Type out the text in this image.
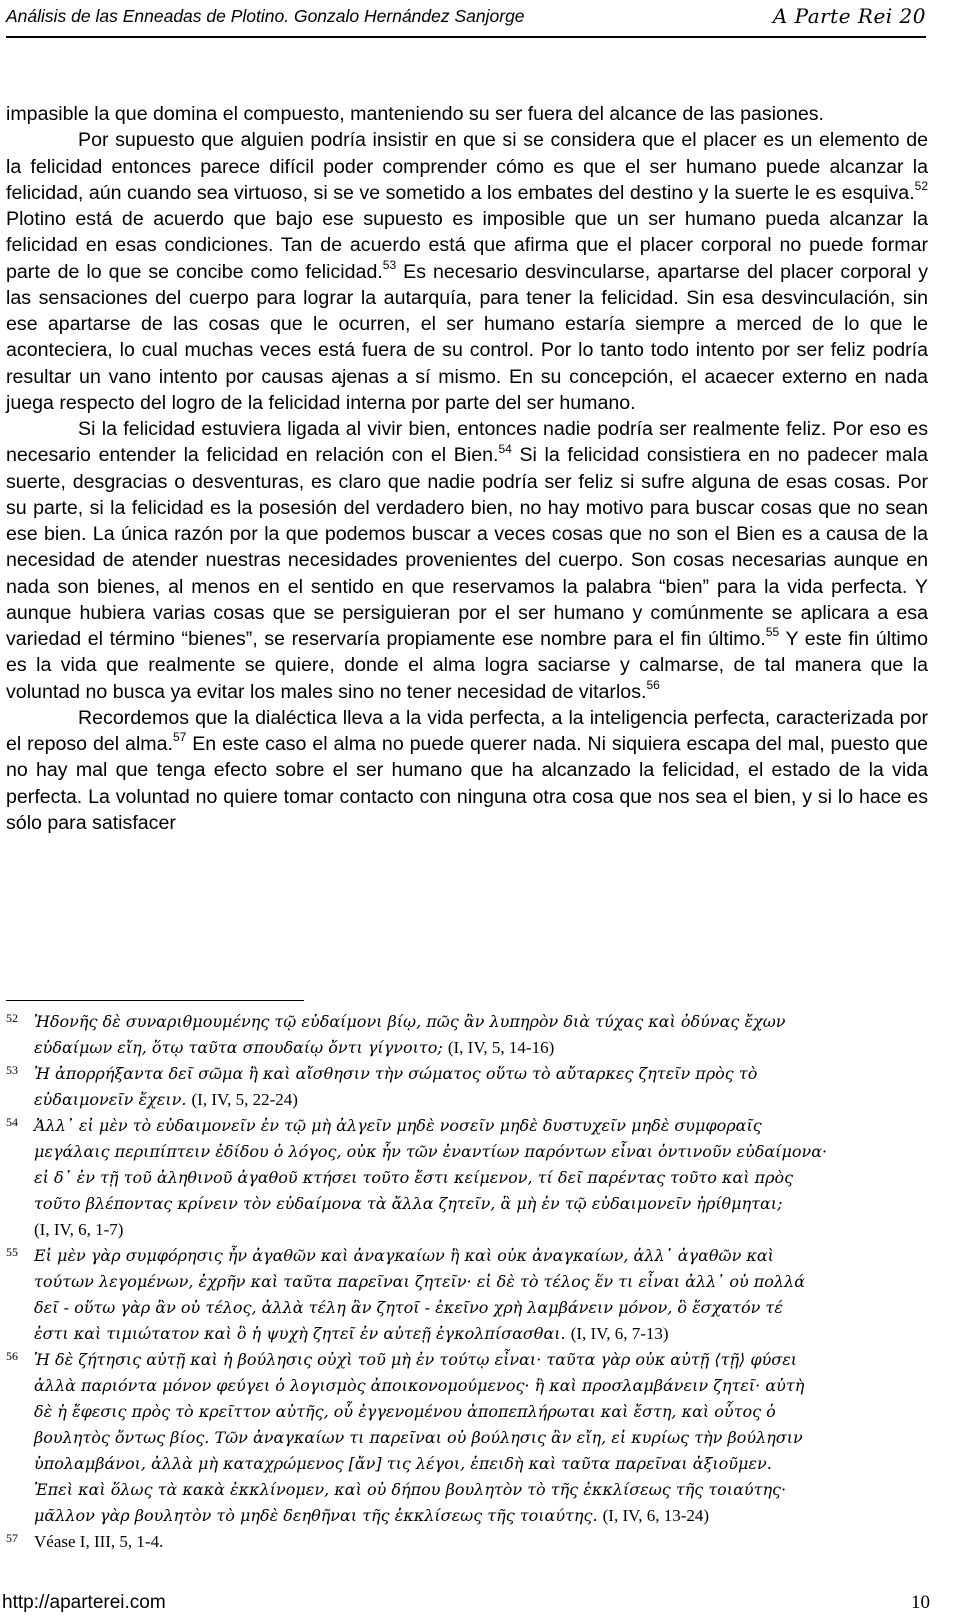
Análisis de las Enneadas de Plotino. Gonzalo Hernández Sanjorge	A Parte Rei 20

impasible la que domina el compuesto, manteniendo su ser fuera del alcance de las pasiones.

Por supuesto que alguien podría insistir en que si se considera que el placer es un elemento de la felicidad entonces parece difícil poder comprender cómo es que el ser humano puede alcanzar la felicidad, aún cuando sea virtuoso, si se ve sometido a los embates del destino y la suerte le es esquiva.$^{52}$ Plotino está de acuerdo que bajo ese supuesto es imposible que un ser humano pueda alcanzar la felicidad en esas condiciones. Tan de acuerdo está que afirma que el placer corporal no puede formar parte de lo que se concibe como felicidad.$^{53}$ Es necesario desvincularse, apartarse del placer corporal y las sensaciones del cuerpo para lograr la autarquía, para tener la felicidad. Sin esa desvinculación, sin ese apartarse de las cosas que le ocurren, el ser humano estaría siempre a merced de lo que le aconteciera, lo cual muchas veces está fuera de su control. Por lo tanto todo intento por ser feliz podría resultar un vano intento por causas ajenas a sí mismo. En su concepción, el acaecer externo en nada juega respecto del logro de la felicidad interna por parte del ser humano.

Si la felicidad estuviera ligada al vivir bien, entonces nadie podría ser realmente feliz. Por eso es necesario entender la felicidad en relación con el Bien.$^{54}$ Si la felicidad consistiera en no padecer mala suerte, desgracias o desventuras, es claro que nadie podría ser feliz si sufre alguna de esas cosas. Por su parte, si la felicidad es la posesión del verdadero bien, no hay motivo para buscar cosas que no sean ese bien. La única razón por la que podemos buscar a veces cosas que no son el Bien es a causa de la necesidad de atender nuestras necesidades provenientes del cuerpo. Son cosas necesarias aunque en nada son bienes, al menos en el sentido en que reservamos la palabra “bien” para la vida perfecta. Y aunque hubiera varias cosas que se persiguieran por el ser humano y comúnmente se aplicara a esa variedad el término “bienes”, se reservaría propiamente ese nombre para el fin último.$^{55}$ Y este fin último es la vida que realmente se quiere, donde el alma logra saciarse y calmarse, de tal manera que la voluntad no busca ya evitar los males sino no tener necesidad de vitarlos.$^{56}$

Recordemos que la dialéctica lleva a la vida perfecta, a la inteligencia perfecta, caracterizada por el reposo del alma.$^{57}$ En este caso el alma no puede querer nada. Ni siquiera escapa del mal, puesto que no hay mal que tenga efecto sobre el ser humano que ha alcanzado la felicidad, el estado de la vida perfecta. La voluntad no quiere tomar contacto con ninguna otra cosa que nos sea el bien, y si lo hace es sólo para satisfacer

52 Ἡδονῆς δὲ συναριθμουμένης τῷ εὐδαίμονι βίῳ, πῶς ἂν λυπηρὸν διὰ τύχας καὶ ὀδύνας ἔχων
εὐδαίμων εἴη, ὅτῳ ταῦτα σπουδαίῳ ὄντι γίγνοιτο; (I, IV, 5, 14-16)
53 Ἠ ἀπορρήξαντα δεῖ σῶμα ἢ καὶ αἴσθησιν τὴν σώματος οὕτω τὸ αὔταρκες ζητεῖν πρὸς τὸ
εὐδαιμονεῖν ἔχειν. (I, IV, 5, 22-24)
54 Ἀλλ᾽ εἰ μὲν τὸ εὐδαιμονεῖν ἐν τῷ μὴ ἀλγεῖν μηδὲ νοσεῖν μηδὲ δυστυχεῖν μηδὲ συμφοραῖς
μεγάλαις περιπίπτειν ἐδίδου ὁ λόγος, οὐκ ἦν τῶν ἐναντίων παρόντων εἶναι ὁντινοῦν εὐδαίμονα·
εἰ δ᾽ ἐν τῇ τοῦ ἀληθινοῦ ἀγαθοῦ κτήσει τοῦτο ἔστι κείμενον, τί δεῖ παρέντας τοῦτο καὶ πρὸς
τοῦτο βλέποντας κρίνειν τὸν εὐδαίμονα τὰ ἄλλα ζητεῖν, ἃ μὴ ἐν τῷ εὐδαιμονεῖν ἠρίθμηται;
(I, IV, 6, 1-7)
55 Εἰ μὲν γὰρ συμφόρησις ἦν ἀγαθῶν καὶ ἀναγκαίων ἢ καὶ οὐκ ἀναγκαίων, ἀλλ᾽ ἀγαθῶν καὶ
τούτων λεγομένων, ἐχρῆν καὶ ταῦτα παρεῖναι ζητεῖν· εἰ δὲ τὸ τέλος ἕν τι εἶναι ἀλλ᾽ οὐ πολλά
δεῖ - οὕτω γὰρ ἂν οὐ τέλος, ἀλλὰ τέλη ἂν ζητοῖ - ἐκεῖνο χρὴ λαμβάνειν μόνον, ὃ ἔσχατόν τέ
ἐστι καὶ τιμιώτατον καὶ ὃ ἡ ψυχὴ ζητεῖ ἐν αὐτεῇ ἐγκολπίσασθαι. (I, IV, 6, 7-13)
56 Ἡ δὲ ζήτησις αὐτῇ καὶ ἡ βούλησις οὐχὶ τοῦ μὴ ἐν τούτῳ εἶναι· ταῦτα γὰρ οὐκ αὐτῇ ⟨τῇ⟩ φύσει
ἀλλὰ παριόντα μόνον φεύγει ὁ λογισμὸς ἀποικονομούμενος· ἢ καὶ προσλαμβάνειν ζητεῖ· αὐτὴ
δὲ ἡ ἔφεσις πρὸς τὸ κρεῖττον αὐτῆς, οὗ ἐγγενομένου ἀποπεπλήρωται καὶ ἔστη, καὶ οὗτος ὁ
βουλητὸς ὄντως βίος. Τῶν ἀναγκαίων τι παρεῖναι οὐ βούλησις ἂν εἴη, εἰ κυρίως τὴν βούλησιν
ὑπολαμβάνοι, ἀλλὰ μὴ καταχρώμενος [ἄν] τις λέγοι, ἐπειδὴ καὶ ταῦτα παρεῖναι ἀξιοῦμεν.
Ἐπεὶ καὶ ὅλως τὰ κακὰ ἐκκλίνομεν, καὶ οὐ δήπου βουλητὸν τὸ τῆς ἐκκλίσεως τῆς τοιαύτης·
μᾶλλον γὰρ βουλητὸν τὸ μηδὲ δεηθῆναι τῆς ἐκκλίσεως τῆς τοιαύτης. (I, IV, 6, 13-24)
57 Véase I, III, 5, 1-4.
http://aparterei.com	10
